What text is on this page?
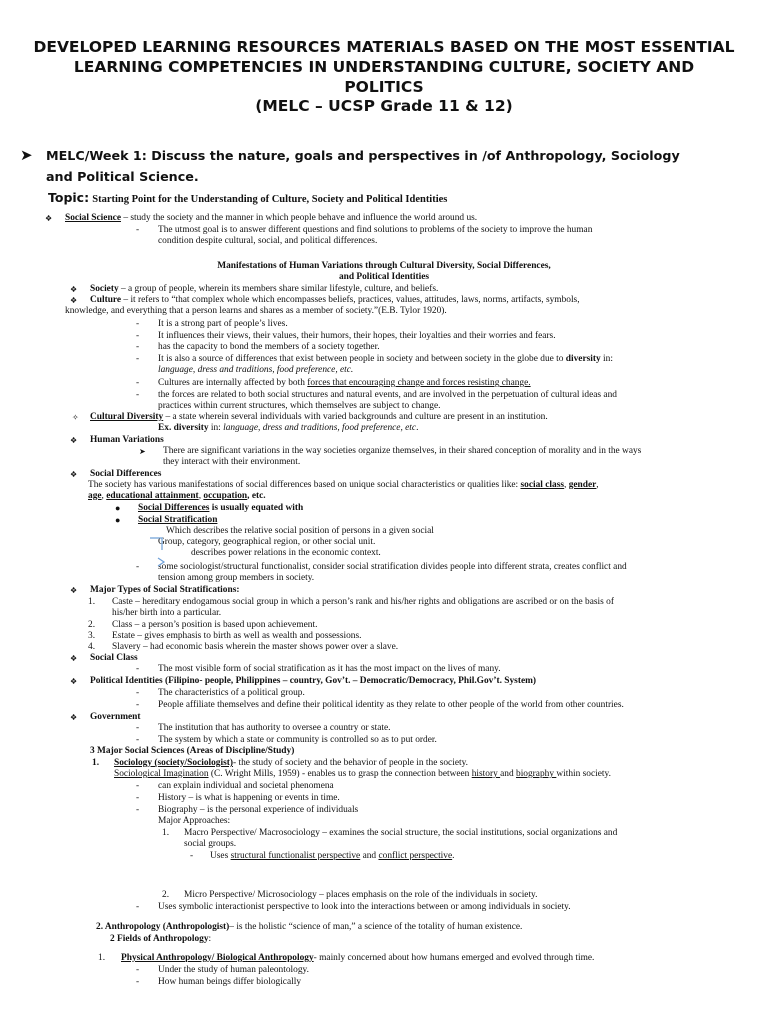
DEVELOPED LEARNING RESOURCES MATERIALS BASED ON THE MOST ESSENTIAL
LEARNING COMPETENCIES IN UNDERSTANDING CULTURE, SOCIETY AND
POLITICS
(MELC – UCSP Grade 11 & 12)
➤ MELC/Week 1: Discuss the nature, goals and perspectives in /of Anthropology, Sociology
and Political Science.
Topic: Starting Point for the Understanding of Culture, Society and Political Identities
❖ Social Science – study the society and the manner in which people behave and influence the world around us.
- The utmost goal is to answer different questions and find solutions to problems of the society to improve the human
condition despite cultural, social, and political differences.
Manifestations of Human Variations through Cultural Diversity, Social Differences,
and Political Identities
❖ Society – a group of people, wherein its members share similar lifestyle, culture, and beliefs.
❖ Culture – it refers to “that complex whole which encompasses beliefs, practices, values, attitudes, laws, norms, artifacts, symbols,
knowledge, and everything that a person learns and shares as a member of society.”(E.B. Tylor 1920).
- It is a strong part of people’s lives.
- It influences their views, their values, their humors, their hopes, their loyalties and their worries and fears.
- has the capacity to bond the members of a society together.
- It is also a source of differences that exist between people in society and between society in the globe due to diversity in:
language, dress and traditions, food preference, etc.
- Cultures are internally affected by both forces that encouraging change and forces resisting change.
- the forces are related to both social structures and natural events, and are involved in the perpetuation of cultural ideas and
practices within current structures, which themselves are subject to change.
✧ Cultural Diversity – a state wherein several individuals with varied backgrounds and culture are present in an institution.
Ex. diversity in: language, dress and traditions, food preference, etc.
❖ Human Variations
➤ There are significant variations in the way societies organize themselves, in their shared conception of morality and in the ways
they interact with their environment.
❖ Social Differences
The society has various manifestations of social differences based on unique social characteristics or qualities like: social class, gender,
age, educational attainment, occupation, etc.
● Social Differences is usually equated with
● Social Stratification
Which describes the relative social position of persons in a given social
Group, category, geographical region, or other social unit.
describes power relations in the economic context.
- some sociologist/structural functionalist, consider social stratification divides people into different strata, creates conflict and
tension among group members in society.
❖ Major Types of Social Stratifications:
1. Caste – hereditary endogamous social group in which a person’s rank and his/her rights and obligations are ascribed or on the basis of
his/her birth into a particular.
2. Class – a person’s position is based upon achievement.
3. Estate – gives emphasis to birth as well as wealth and possessions.
4. Slavery – had economic basis wherein the master shows power over a slave.
❖ Social Class
- The most visible form of social stratification as it has the most impact on the lives of many.
❖ Political Identities (Filipino- people, Philippines – country, Gov’t. – Democratic/Democracy, Phil.Gov’t. System)
- The characteristics of a political group.
- People affiliate themselves and define their political identity as they relate to other people of the world from other countries.
❖ Government
- The institution that has authority to oversee a country or state.
- The system by which a state or community is controlled so as to put order.
3 Major Social Sciences (Areas of Discipline/Study)
1. Sociology (society/Sociologist)- the study of society and the behavior of people in the society.
Sociological Imagination (C. Wright Mills, 1959) - enables us to grasp the connection between history and biography within society.
- can explain individual and societal phenomena
- History – is what is happening or events in time.
- Biography – is the personal experience of individuals
Major Approaches:
1. Macro Perspective/ Macrosociology – examines the social structure, the social institutions, social organizations and
social groups.
- Uses structural functionalist perspective and conflict perspective.
2. Micro Perspective/ Microsociology – places emphasis on the role of the individuals in society.
- Uses symbolic interactionist perspective to look into the interactions between or among individuals in society.
2. Anthropology (Anthropologist)– is the holistic “science of man,” a science of the totality of human existence.
2 Fields of Anthropology:
1. Physical Anthropology/ Biological Anthropology- mainly concerned about how humans emerged and evolved through time.
- Under the study of human paleontology.
- How human beings differ biologically
